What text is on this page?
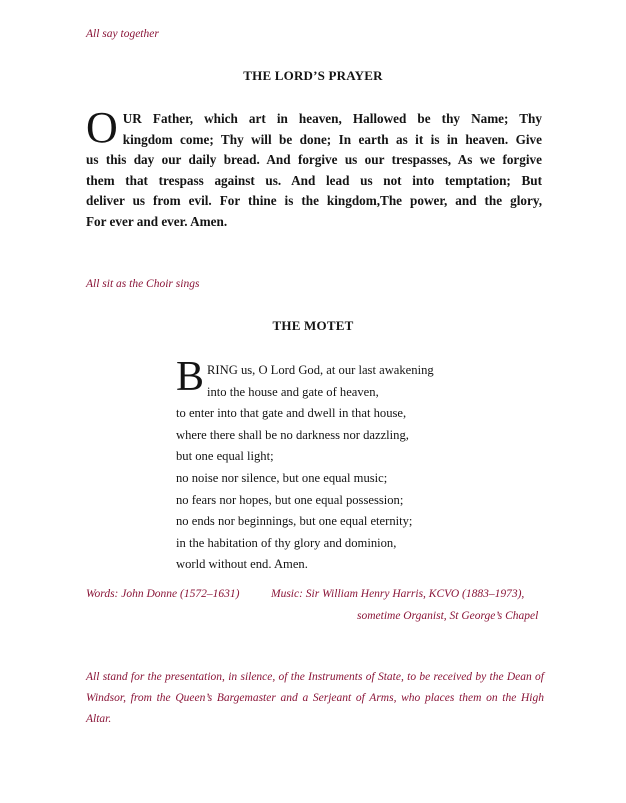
All say together

THE LORD’S PRAYER
O UR Father, which art in heaven, Hallowed be thy Name; Thy
kingdom come; Thy will be done; In earth as it is in heaven. Give
us this day our daily bread. And forgive us our trespasses, As we forgive
them that trespass against us. And lead us not into temptation; But
deliver us from evil. For thine is the kingdom,The power, and the glory,
For ever and ever. Amen.

All sit as the Choir sings

THE MOTET
B RING us, O Lord God, at our last awakening
into the house and gate of heaven,
to enter into that gate and dwell in that house,
where there shall be no darkness nor dazzling,
but one equal light;
no noise nor silence, but one equal music;
no fears nor hopes, but one equal possession;
no ends nor beginnings, but one equal eternity;
in the habitation of thy glory and dominion,
world without end. Amen.

Words: John Donne (1572–1631)	Music: Sir William Henry Harris, KCVO (1883–1973),

sometime Organist, St George’s Chapel

All stand for the presentation, in silence, of the Instruments of State, to be received by the Dean of Windsor, from the Queen’s Bargemaster and a Serjeant of Arms, who places them on the High Altar.
